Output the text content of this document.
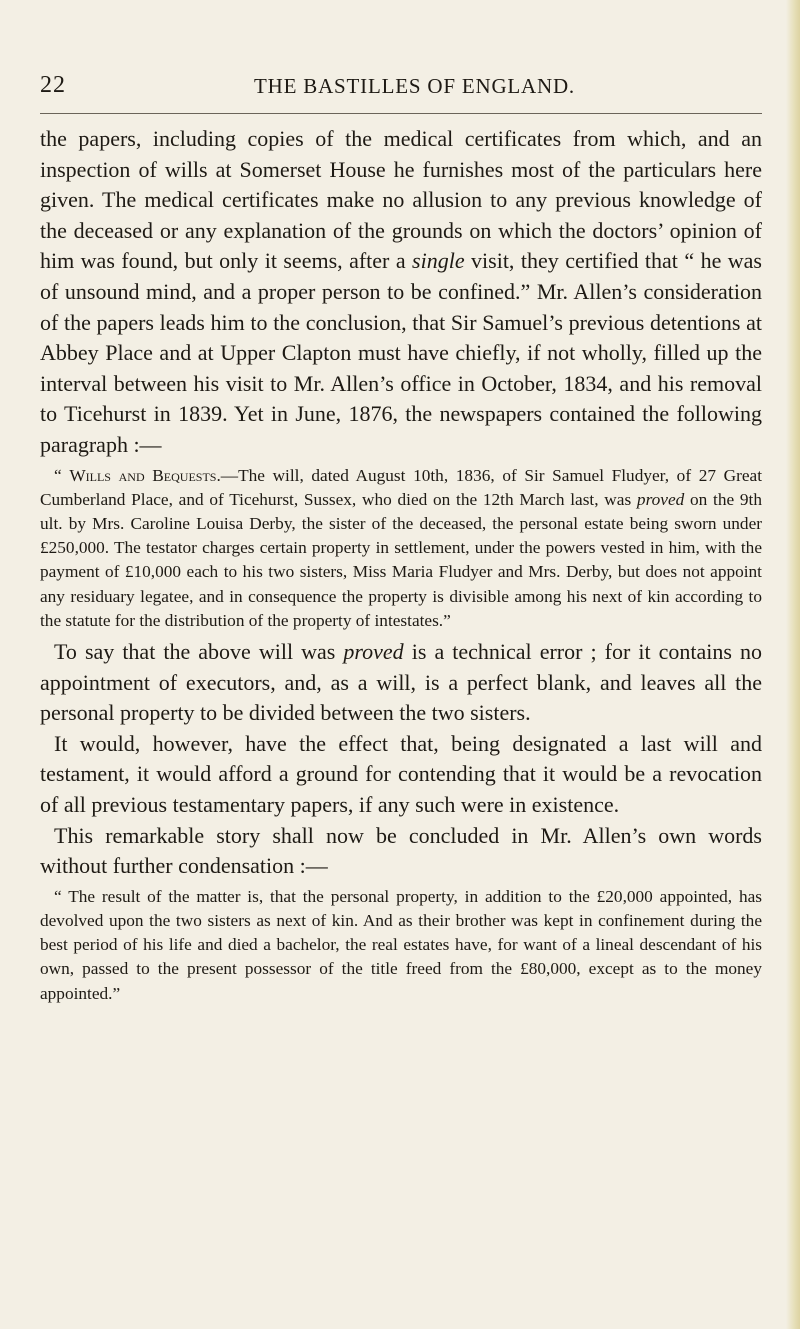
22	THE BASTILLES OF ENGLAND.

the papers, including copies of the medical certificates from which, and an inspection of wills at Somerset House he furnishes most of the particulars here given. The medical certificates make no allusion to any previous knowledge of the deceased or any explanation of the grounds on which the doctors’ opinion of him was found, but only it seems, after a single visit, they certified that “ he was of unsound mind, and a proper person to be confined.” Mr. Allen’s consideration of the papers leads him to the conclusion, that Sir Samuel’s previous detentions at Abbey Place and at Upper Clapton must have chiefly, if not wholly, filled up the interval between his visit to Mr. Allen’s office in October, 1834, and his removal to Ticehurst in 1839. Yet in June, 1876, the newspapers contained the following paragraph :—

“ Wills and Bequests.—The will, dated August 10th, 1836, of Sir Samuel Fludyer, of 27 Great Cumberland Place, and of Ticehurst, Sussex, who died on the 12th March last, was proved on the 9th ult. by Mrs. Caroline Louisa Derby, the sister of the deceased, the personal estate being sworn under £250,000. The testator charges certain property in settlement, under the powers vested in him, with the payment of £10,000 each to his two sisters, Miss Maria Fludyer and Mrs. Derby, but does not appoint any residuary legatee, and in consequence the property is divisible among his next of kin according to the statute for the distribution of the property of intestates.”

To say that the above will was proved is a technical error ; for it contains no appointment of executors, and, as a will, is a perfect blank, and leaves all the personal property to be divided between the two sisters.

It would, however, have the effect that, being designated a last will and testament, it would afford a ground for contending that it would be a revocation of all previous testamentary papers, if any such were in existence.

This remarkable story shall now be concluded in Mr. Allen’s own words without further condensation :—

“ The result of the matter is, that the personal property, in addition to the £20,000 appointed, has devolved upon the two sisters as next of kin. And as their brother was kept in confinement during the best period of his life and died a bachelor, the real estates have, for want of a lineal descendant of his own, passed to the present possessor of the title freed from the £80,000, except as to the money appointed.”
